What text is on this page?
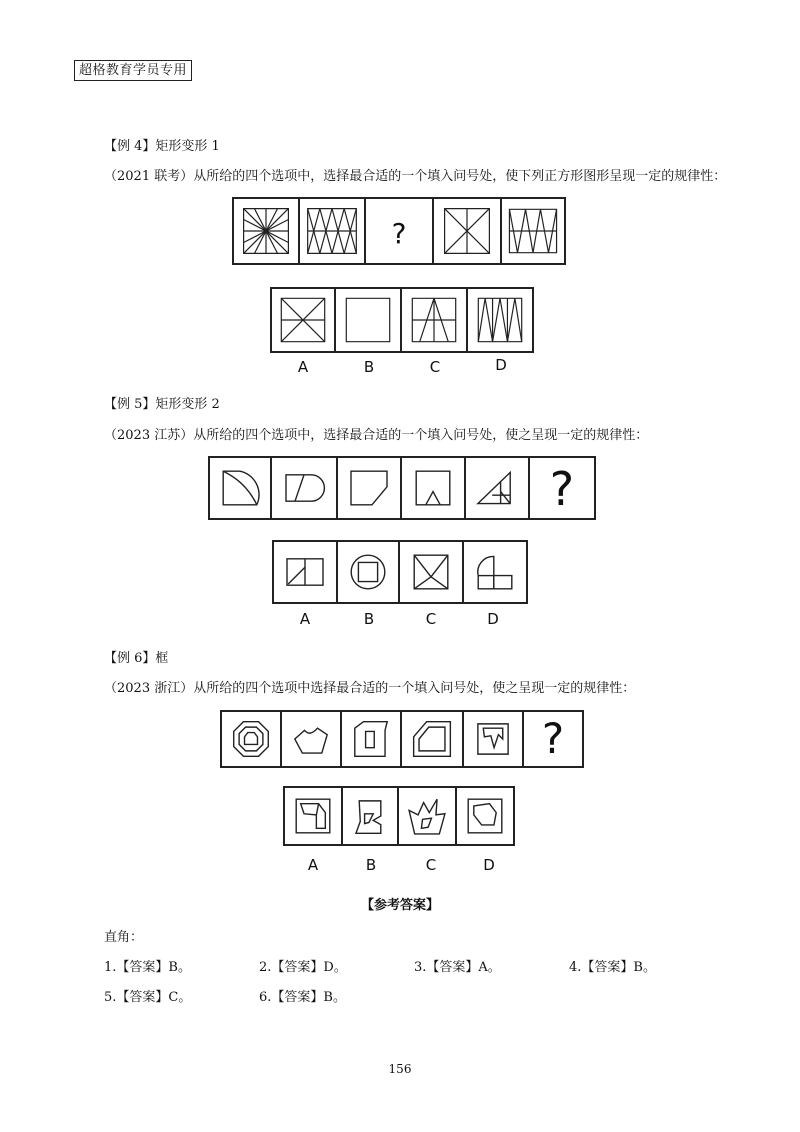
超格教育学员专用
【例 4】矩形变形 1
（2021 联考）从所给的四个选项中，选择最合适的一个填入问号处，使下列正方形图形呈现一定的规律性：
?
A	B	C	D
【例 5】矩形变形 2
（2023 江苏）从所给的四个选项中，选择最合适的一个填入问号处，使之呈现一定的规律性：
?
A	B	C	D
【例 6】框
（2023 浙江）从所给的四个选项中选择最合适的一个填入问号处，使之呈现一定的规律性：
?
A	B	C	D
【参考答案】
直角：
1.【答案】B。	2.【答案】D。	3.【答案】A。	4.【答案】B。
5.【答案】C。	6.【答案】B。
156
